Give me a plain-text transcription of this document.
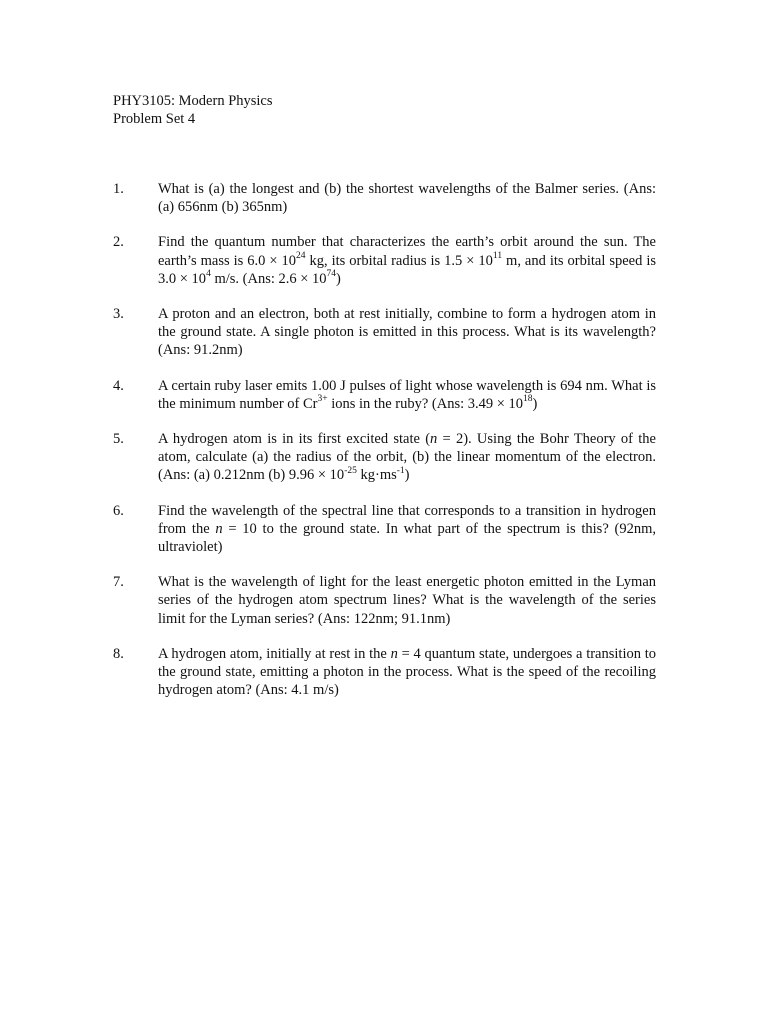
PHY3105: Modern Physics
Problem Set 4
1. What is (a) the longest and (b) the shortest wavelengths of the Balmer series. (Ans: (a) 656nm (b) 365nm)
2. Find the quantum number that characterizes the earth’s orbit around the sun. The earth’s mass is $6.0 \times 10^{24}$ kg, its orbital radius is $1.5 \times 10^{11}$ m, and its orbital speed is $3.0 \times 10^4$ m/s. (Ans: $2.6 \times 10^{74}$)
3. A proton and an electron, both at rest initially, combine to form a hydrogen atom in the ground state. A single photon is emitted in this process. What is its wavelength? (Ans: 91.2nm)
4. A certain ruby laser emits 1.00 J pulses of light whose wavelength is 694 nm. What is the minimum number of $Cr^{3+}$ ions in the ruby? (Ans: $3.49 \times 10^{18}$)
5. A hydrogen atom is in its first excited state (n = 2). Using the Bohr Theory of the atom, calculate (a) the radius of the orbit, (b) the linear momentum of the electron. (Ans: (a) 0.212nm (b) $9.96 \times 10^{-25}$ $kg\cdot ms^{-1}$)
6. Find the wavelength of the spectral line that corresponds to a transition in hydrogen from the n = 10 to the ground state. In what part of the spectrum is this? (92nm, ultraviolet)
7. What is the wavelength of light for the least energetic photon emitted in the Lyman series of the hydrogen atom spectrum lines? What is the wavelength of the series limit for the Lyman series? (Ans: 122nm; 91.1nm)
8. A hydrogen atom, initially at rest in the n = 4 quantum state, undergoes a transition to the ground state, emitting a photon in the process. What is the speed of the recoiling hydrogen atom? (Ans: 4.1 m/s)
